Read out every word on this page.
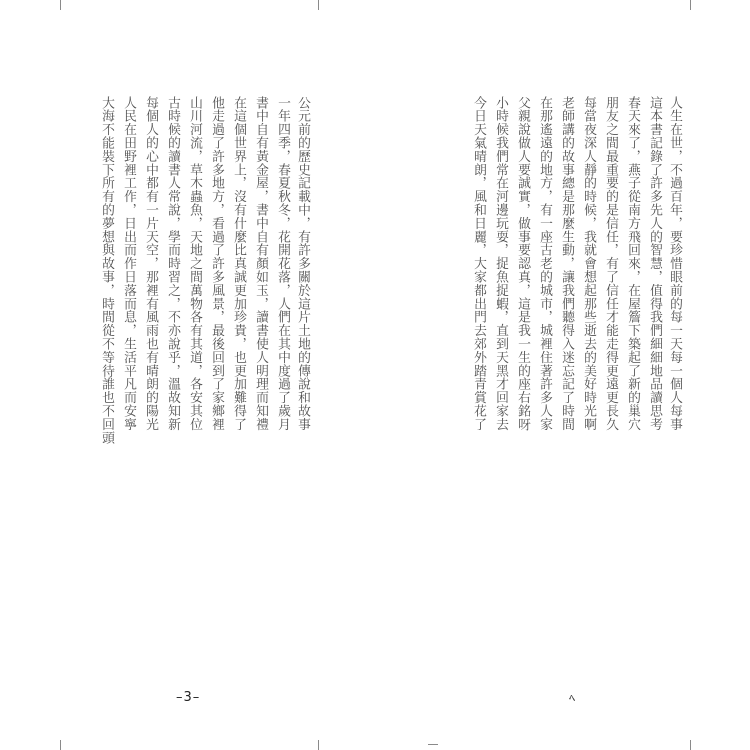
大海不能裝下所有的夢想與故事，時間從不等待誰也不回頭 人民在田野裡工作，日出而作日落而息，生活平凡而安寧 每個人的心中都有一片天空，那裡有風雨也有晴朗的陽光 古時候的讀書人常說，學而時習之，不亦說乎，溫故知新 山川河流，草木蟲魚，天地之間萬物各有其道，各安其位 他走過了許多地方，看過了許多風景，最後回到了家鄉裡 在這個世界上，沒有什麼比真誠更加珍貴，也更加難得了 書中自有黃金屋，書中自有顏如玉，讀書使人明理而知禮 一年四季，春夏秋冬，花開花落，人們在其中度過了歲月 公元前的歷史記載中，有許多關於這片土地的傳說和故事	今日天氣晴朗，風和日麗，大家都出門去郊外踏青賞花了 小時候我們常在河邊玩耍，捉魚捉蝦，直到天黑才回家去 父親說做人要誠實，做事要認真，這是我一生的座右銘呀 在那遙遠的地方，有一座古老的城市，城裡住著許多人家 老師講的故事總是那麼生動，讓我們聽得入迷忘記了時間 每當夜深人靜的時候，我就會想起那些逝去的美好時光啊 朋友之間最重要的是信任，有了信任才能走得更遠更長久 春天來了，燕子從南方飛回來，在屋簷下築起了新的巢穴 這本書記錄了許多先人的智慧，值得我們細細地品讀思考 人生在世，不過百年，要珍惜眼前的每一天每一個人每事
–3–	ﾍ
